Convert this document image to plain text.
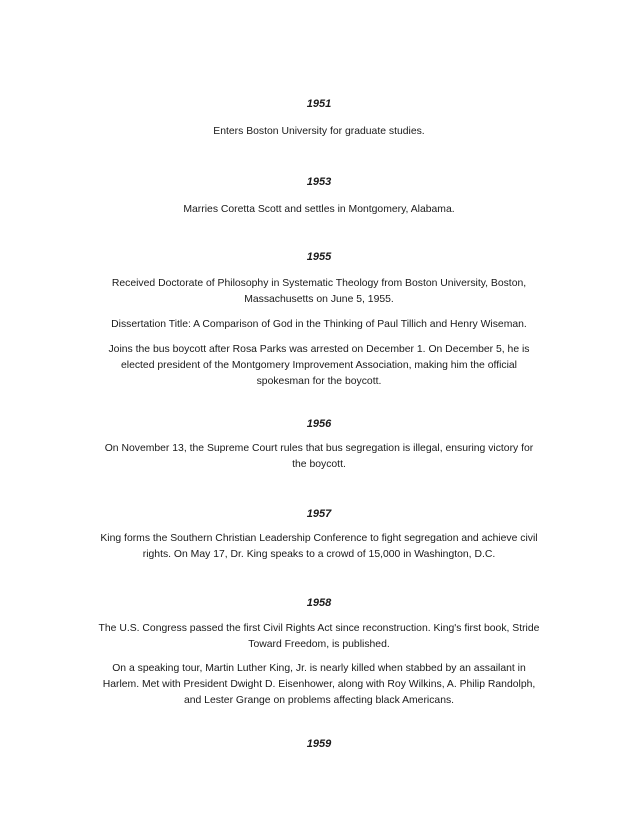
1951
Enters Boston University for graduate studies.
1953
Marries Coretta Scott and settles in Montgomery, Alabama.
1955
Received Doctorate of Philosophy in Systematic Theology from Boston University, Boston,
Massachusetts on June 5, 1955.
Dissertation Title: A Comparison of God in the Thinking of Paul Tillich and Henry Wiseman.
Joins the bus boycott after Rosa Parks was arrested on December 1. On December 5, he is
elected president of the Montgomery Improvement Association, making him the official
spokesman for the boycott.
1956
On November 13, the Supreme Court rules that bus segregation is illegal, ensuring victory for
the boycott.
1957
King forms the Southern Christian Leadership Conference to fight segregation and achieve civil
rights. On May 17, Dr. King speaks to a crowd of 15,000 in Washington, D.C.
1958
The U.S. Congress passed the first Civil Rights Act since reconstruction. King's first book, Stride
Toward Freedom, is published.
On a speaking tour, Martin Luther King, Jr. is nearly killed when stabbed by an assailant in
Harlem. Met with President Dwight D. Eisenhower, along with Roy Wilkins, A. Philip Randolph,
and Lester Grange on problems affecting black Americans.
1959
